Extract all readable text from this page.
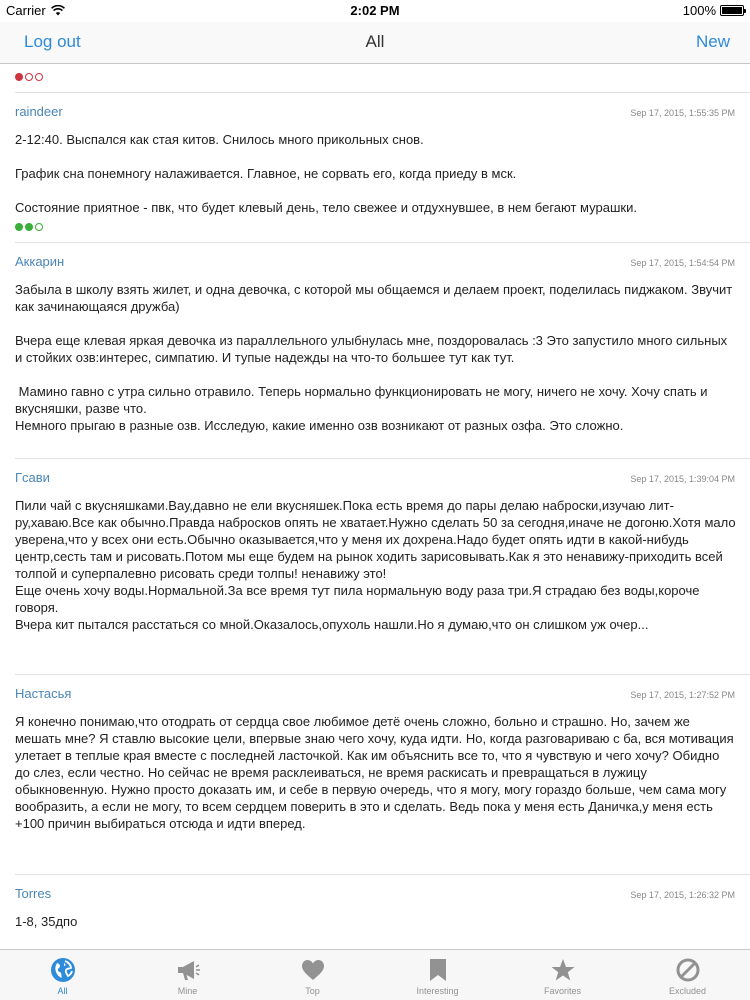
Carrier	2:02 PM	100%
Log out	All	New
raindeer	Sep 17, 2015, 1:55:35 PM
2-12:40. Выспался как стая китов. Снилось много прикольных снов.

График сна понемногу налаживается. Главное, не сорвать его, когда приеду в мск.

Состояние приятное - пвк, что будет клевый день, тело свежее и отдухнувшее, в нем бегают мурашки.
Аккарин	Sep 17, 2015, 1:54:54 PM
Забыла в школу взять жилет, и одна девочка, с которой мы общаемся и делаем проект, поделилась пиджаком. Звучит как зачинающаяся дружба)

Вчера еще клевая яркая девочка из параллельного улыбнулась мне, поздоровалась :3 Это запустило много сильных и стойких озв:интерес, симпатию. И тупые надежды на что-то большее тут как тут.

Мамино гавно с утра сильно отравило. Теперь нормально функционировать не могу, ничего не хочу. Хочу спать и вкусняшки, разве что.
Немного прыгаю в разные озв. Исследую, какие именно озв возникают от разных озфа. Это сложно.
Гсави	Sep 17, 2015, 1:39:04 PM
Пили чай с вкусняшками.Вау,давно не ели вкусняшек.Пока есть время до пары делаю наброски,изучаю лит-ру,хаваю.Все как обычно.Правда набросков опять не хватает.Нужно сделать 50 за сегодня,иначе не догоню.Хотя мало уверена,что у всех они есть.Обычно оказывается,что у меня их дохрена.Надо будет опять идти в какой-нибудь центр,сесть там и рисовать.Потом мы еще будем на рынок ходить зарисовывать.Как я это ненавижу-приходить всей толпой и суперпалевно рисовать среди толпы! ненавижу это!
Еще очень хочу воды.Нормальной.За все время тут пила нормальную воду раза три.Я страдаю без воды,короче говоря.
Вчера кит пытался расстаться со мной.Оказалось,опухоль нашли.Но я думаю,что он слишком уж очер...
Настасья	Sep 17, 2015, 1:27:52 PM
Я конечно понимаю,что отодрать от сердца свое любимое детё очень сложно, больно и страшно. Но, зачем же мешать мне? Я ставлю высокие цели, впервые знаю чего хочу, куда идти. Но, когда разговариваю с ба, вся мотивация улетает в теплые края вместе с последней ласточкой. Как им объяснить все то, что я чувствую и чего хочу? Обидно до слез, если честно. Но сейчас не время расклеиваться, не время раскисать и превращаться в лужицу обыкновенную. Нужно просто доказать им, и себе в первую очередь, что я могу, могу гораздо больше, чем сама могу вообразить, а если не могу, то всем сердцем поверить в это и сделать. Ведь пока у меня есть Даничка,у меня есть +100 причин выбираться отсюда и идти вперед.
Torres	Sep 17, 2015, 1:26:32 PM
1-8, 35дпо
All	Mine	Top	Interesting	Favorites	Excluded
